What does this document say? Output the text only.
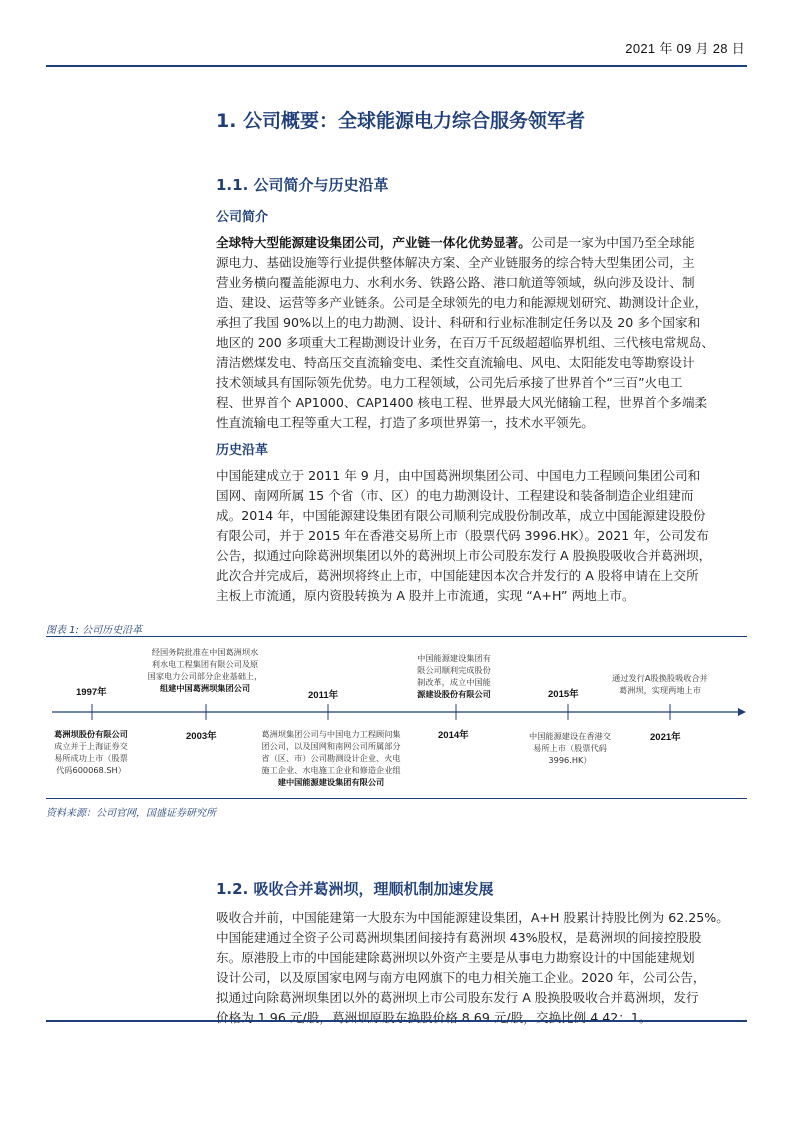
2021 年 09 月 28 日
1. 公司概要：全球能源电力综合服务领军者
1.1. 公司简介与历史沿革
公司简介
全球特大型能源建设集团公司，产业链一体化优势显著。公司是一家为中国乃至全球能
源电力、基础设施等行业提供整体解决方案、全产业链服务的综合特大型集团公司，主
营业务横向覆盖能源电力、水利水务、铁路公路、港口航道等领域，纵向涉及设计、制
造、建设、运营等多产业链条。公司是全球领先的电力和能源规划研究、勘测设计企业，
承担了我国 90%以上的电力勘测、设计、科研和行业标准制定任务以及 20 多个国家和
地区的 200 多项重大工程勘测设计业务，在百万千瓦级超超临界机组、三代核电常规岛、
清洁燃煤发电、特高压交直流输变电、柔性交直流输电、风电、太阳能发电等勘察设计
技术领域具有国际领先优势。电力工程领域，公司先后承接了世界首个“三百”火电工
程、世界首个 AP1000、CAP1400 核电工程、世界最大风光储输工程，世界首个多端柔
性直流输电工程等重大工程，打造了多项世界第一，技术水平领先。
历史沿革
中国能建成立于 2011 年 9 月，由中国葛洲坝集团公司、中国电力工程顾问集团公司和
国网、南网所属 15 个省（市、区）的电力勘测设计、工程建设和装备制造企业组建而
成。2014 年，中国能源建设集团有限公司顺利完成股份制改革，成立中国能源建设股份
有限公司，并于 2015 年在香港交易所上市（股票代码 3996.HK）。2021 年，公司发布
公告，拟通过向除葛洲坝集团以外的葛洲坝上市公司股东发行 A 股换股吸收合并葛洲坝，
此次合并完成后，葛洲坝将终止上市，中国能建因本次合并发行的 A 股将申请在上交所
主板上市流通，原内资股转换为 A 股并上市流通，实现 “A+H” 两地上市。
图表 1: 公司历史沿革
1997年
葛洲坝股份有限公司
成立并于上海证券交
易所成功上市（股票
代码600068.SH）
经国务院批准在中国葛洲坝水
利水电工程集团有限公司及原
国家电力公司部分企业基础上，
组建中国葛洲坝集团公司
2003年
2011年
葛洲坝集团公司与中国电力工程顾问集
团公司，以及国网和南网公司所属部分
省（区、市）公司勘测设计企业、火电
施工企业、水电施工企业和修造企业组
建中国能源建设集团有限公司
中国能源建设集团有
限公司顺利完成股份
制改革，成立中国能
源建设股份有限公司
2014年
2015年
中国能源建设在香港交
易所上市（股票代码
3996.HK）
通过发行A股换股吸收合并
葛洲坝，实现两地上市
2021年
资料来源：公司官网，国盛证券研究所
1.2. 吸收合并葛洲坝，理顺机制加速发展
吸收合并前，中国能建第一大股东为中国能源建设集团，A+H 股累计持股比例为 62.25%。
中国能建通过全资子公司葛洲坝集团间接持有葛洲坝 43%股权，是葛洲坝的间接控股股
东。原港股上市的中国能建除葛洲坝以外资产主要是从事电力勘察设计的中国能建规划
设计公司，以及原国家电网与南方电网旗下的电力相关施工企业。2020 年，公司公告，
拟通过向除葛洲坝集团以外的葛洲坝上市公司股东发行 A 股换股吸收合并葛洲坝，发行
价格为 1.96 元/股，葛洲坝原股东换股价格 8.69 元/股，交换比例 4.42：1。
